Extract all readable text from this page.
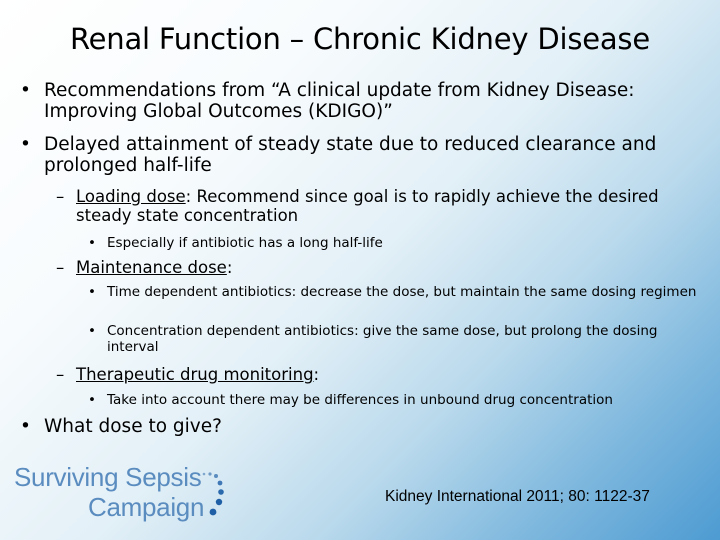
Renal Function – Chronic Kidney Disease
• Recommendations from “A clinical update from Kidney Disease: Improving Global Outcomes (KDIGO)”
• Delayed attainment of steady state due to reduced clearance and prolonged half-life
– Loading dose: Recommend since goal is to rapidly achieve the desired steady state concentration
• Especially if antibiotic has a long half-life
– Maintenance dose:
• Time dependent antibiotics: decrease the dose, but maintain the same dosing regimen
• Concentration dependent antibiotics: give the same dose, but prolong the dosing interval
– Therapeutic drug monitoring:
• Take into account there may be differences in unbound drug concentration
• What dose to give?
Surviving Sepsis
Campaign	Kidney International 2011; 80: 1122-37
